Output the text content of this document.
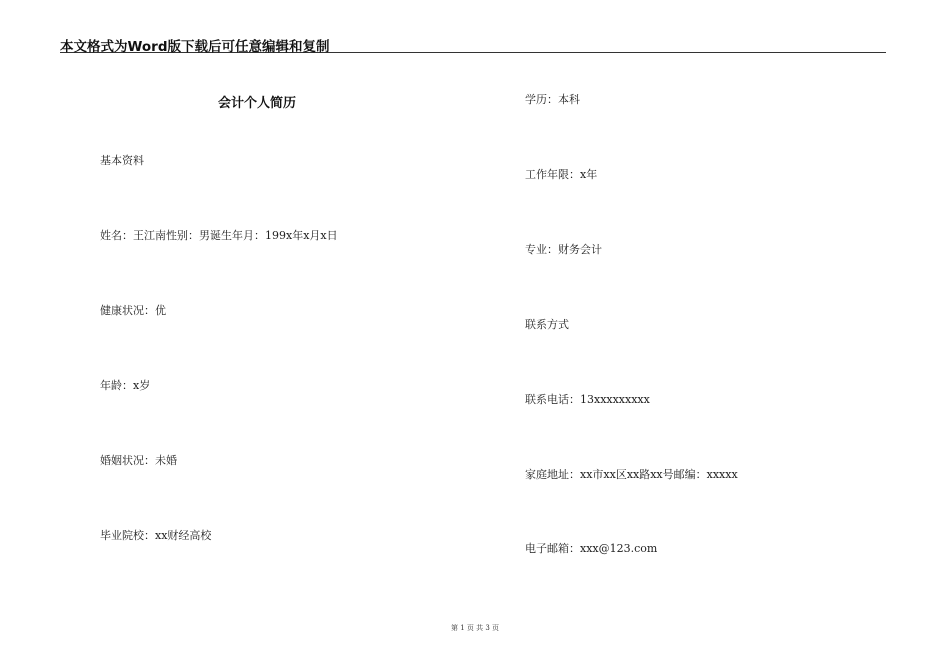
本文格式为Word版下载后可任意编辑和复制
会计个人简历
基本资料
姓名：王江南性别：男诞生年月：199x年x月x日
健康状况：优
年龄：x岁
婚姻状况：未婚
毕业院校：xx财经高校
学历：本科
工作年限：x年
专业：财务会计
联系方式
联系电话：13xxxxxxxxx
家庭地址：xx市xx区xx路xx号邮编：xxxxx
电子邮箱：xxx@123.com
第 1 页 共 3 页
